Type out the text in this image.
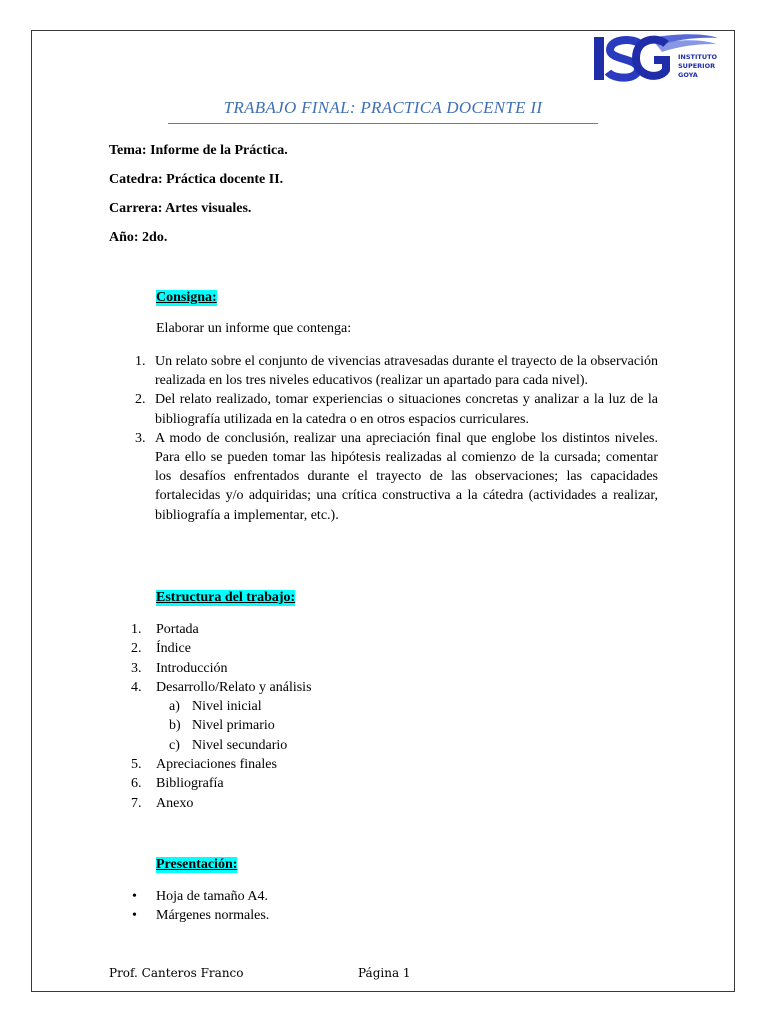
INSTITUTO
SUPERIOR
GOYA
TRABAJO FINAL: PRACTICA DOCENTE II
Tema: Informe de la Práctica.
Catedra: Práctica docente II.
Carrera: Artes visuales.
Año: 2do.
Consigna:
Elaborar un informe que contenga:
1. Un relato sobre el conjunto de vivencias atravesadas durante el trayecto de la observación realizada en los tres niveles educativos (realizar un apartado para cada nivel).
2. Del relato realizado, tomar experiencias o situaciones concretas y analizar a la luz de la bibliografía utilizada en la catedra o en otros espacios curriculares.
3. A modo de conclusión, realizar una apreciación final que englobe los distintos niveles. Para ello se pueden tomar las hipótesis realizadas al comienzo de la cursada; comentar los desafíos enfrentados durante el trayecto de las observaciones; las capacidades fortalecidas y/o adquiridas; una crítica constructiva a la cátedra (actividades a realizar, bibliografía a implementar, etc.).
Estructura del trabajo:
1. Portada
2. Índice
3. Introducción
4. Desarrollo/Relato y análisis
a) Nivel inicial
b) Nivel primario
c) Nivel secundario
5. Apreciaciones finales
6. Bibliografía
7. Anexo
Presentación:
• Hoja de tamaño A4.
• Márgenes normales.
Prof. Canteros Franco	Página 1
